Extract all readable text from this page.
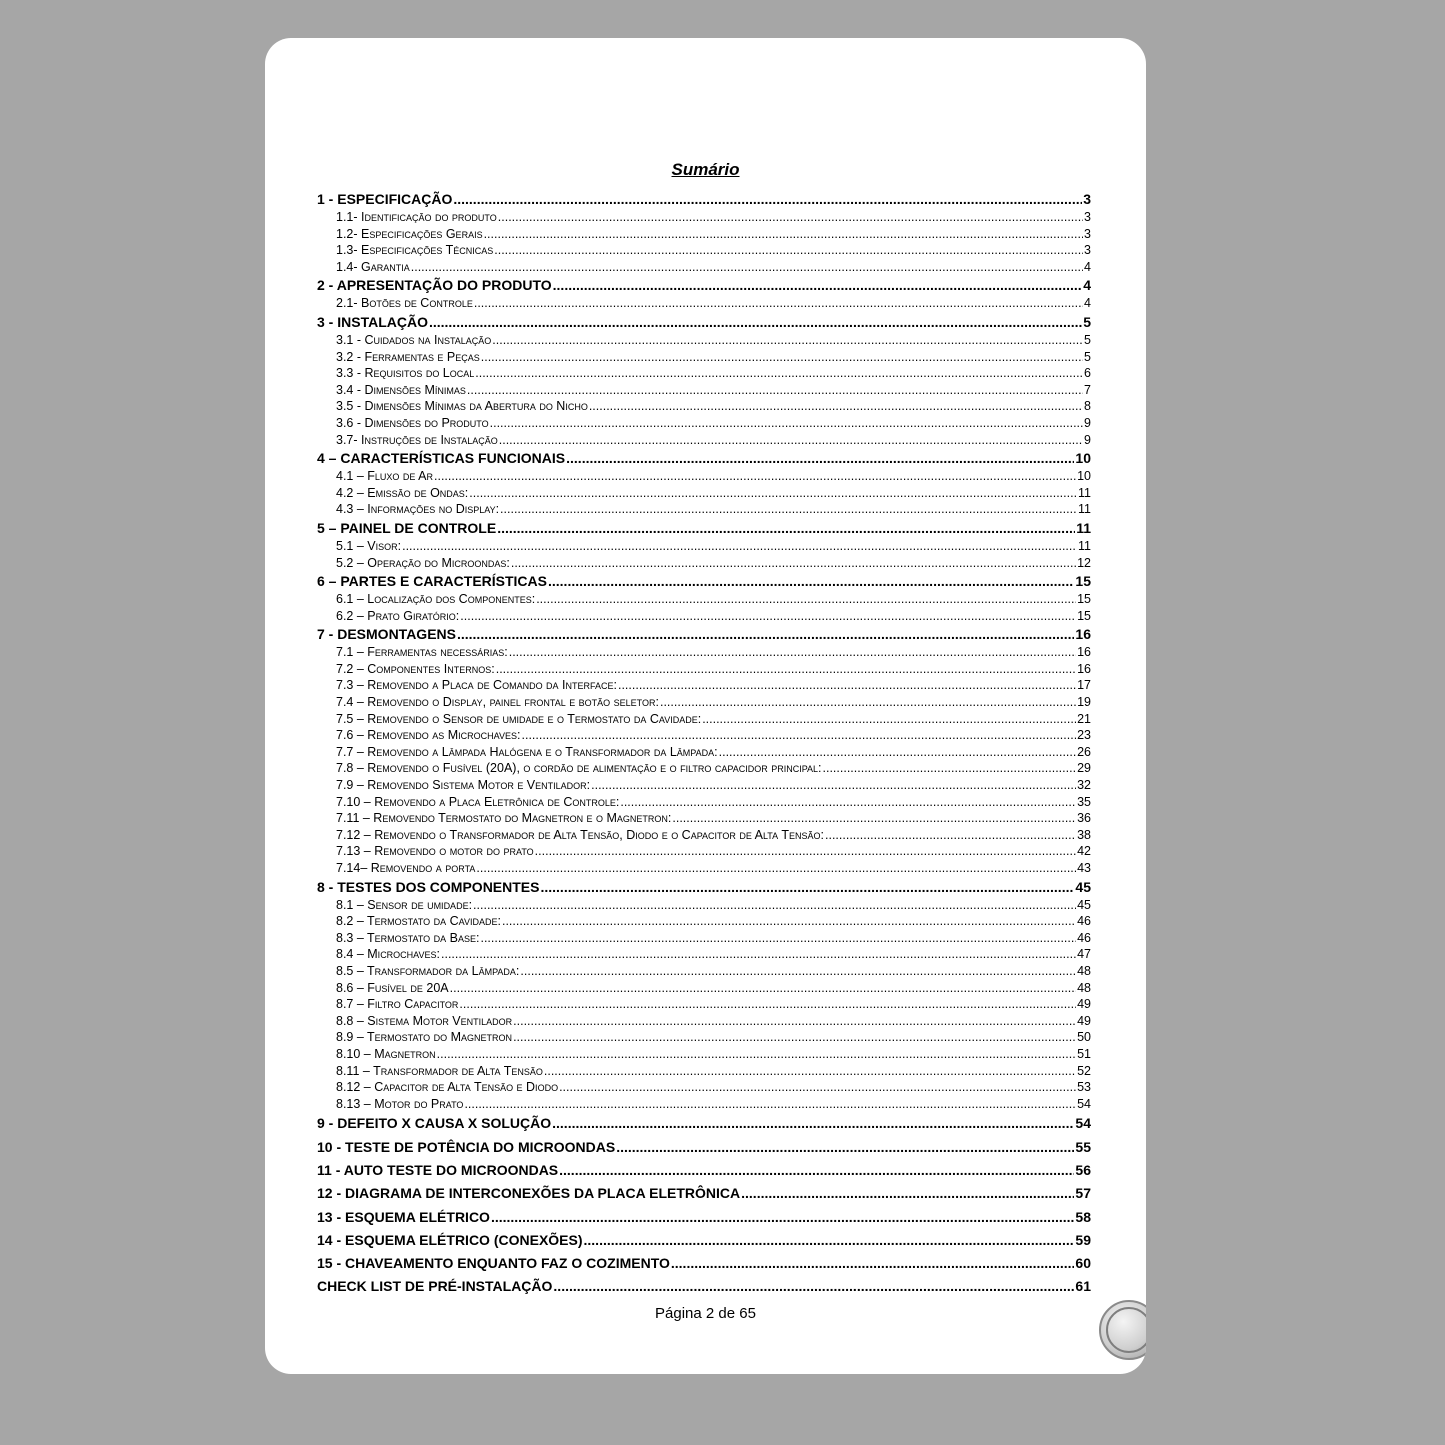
Sumário
1 - ESPECIFICAÇÃO .....	3
1.1- Identificação do produto .....	3
1.2- Especificações Gerais .....	3
1.3- Especificações Técnicas .....	3
1.4- Garantia .....	4
2 - APRESENTAÇÃO DO PRODUTO .....	4
2.1- Botões de Controle .....	4
3 - INSTALAÇÃO .....	5
3.1 - Cuidados na Instalação .....	5
3.2 - Ferramentas e Peças .....	5
3.3 - Requisitos do Local .....	6
3.4 - Dimensões Mínimas .....	7
3.5 - Dimensões Mínimas da Abertura do Nicho .....	8
3.6 - Dimensões do Produto .....	9
3.7- Instruções de Instalação .....	9
4 – CARACTERÍSTICAS FUNCIONAIS .....	10
4.1 – Fluxo de Ar .....	10
4.2 – Emissão de Ondas: .....	11
4.3 – Informações no Display: .....	11
5 – PAINEL DE CONTROLE .....	11
5.1 – Visor: .....	11
5.2 – Operação do Microondas: .....	12
6 – PARTES E CARACTERÍSTICAS .....	15
6.1 – Localização dos Componentes: .....	15
6.2 – Prato Giratório: .....	15
7 - DESMONTAGENS .....	16
7.1 – Ferramentas necessárias: .....	16
7.2 – Componentes Internos: .....	16
7.3 – Removendo a Placa de Comando da Interface: .....	17
7.4 – Removendo o Display, painel frontal e botão seletor: .....	19
7.5 – Removendo o Sensor de umidade e o Termostato da Cavidade: .....	21
7.6 – Removendo as Microchaves: .....	23
7.7 – Removendo a Lâmpada Halógena e o Transformador da Lâmpada: .....	26
7.8 – Removendo o Fusível (20A), o cordão de alimentação e o filtro capacidor principal: .....	29
7.9 – Removendo Sistema Motor e Ventilador: .....	32
7.10 – Removendo a Placa Eletrônica de Controle: .....	35
7.11 – Removendo Termostato do Magnetron e o Magnetron: .....	36
7.12 – Removendo o Transformador de Alta Tensão, Diodo e o Capacitor de Alta Tensão: .....	38
7.13 – Removendo o motor do prato .....	42
7.14– Removendo a porta .....	43
8 - TESTES DOS COMPONENTES .....	45
8.1 – Sensor de umidade: .....	45
8.2 – Termostato da Cavidade: .....	46
8.3 – Termostato da Base: .....	46
8.4 – Microchaves: .....	47
8.5 – Transformador da Lâmpada: .....	48
8.6 – Fusível de 20A .....	48
8.7 – Filtro Capacitor .....	49
8.8 – Sistema Motor Ventilador .....	49
8.9 – Termostato do Magnetron .....	50
8.10 – Magnetron .....	51
8.11 – Transformador de Alta Tensão .....	52
8.12 – Capacitor de Alta Tensão e Diodo .....	53
8.13 – Motor do Prato .....	54
9 - DEFEITO X CAUSA X SOLUÇÃO .....	54
10 - TESTE DE POTÊNCIA DO MICROONDAS .....	55
11 - AUTO TESTE DO MICROONDAS .....	56
12 - DIAGRAMA DE INTERCONEXÕES DA PLACA ELETRÔNICA .....	57
13 - ESQUEMA ELÉTRICO .....	58
14 - ESQUEMA ELÉTRICO (CONEXÕES) .....	59
15 - CHAVEAMENTO ENQUANTO FAZ O COZIMENTO .....	60
CHECK LIST DE PRÉ-INSTALAÇÃO .....	61
Página 2 de 65
